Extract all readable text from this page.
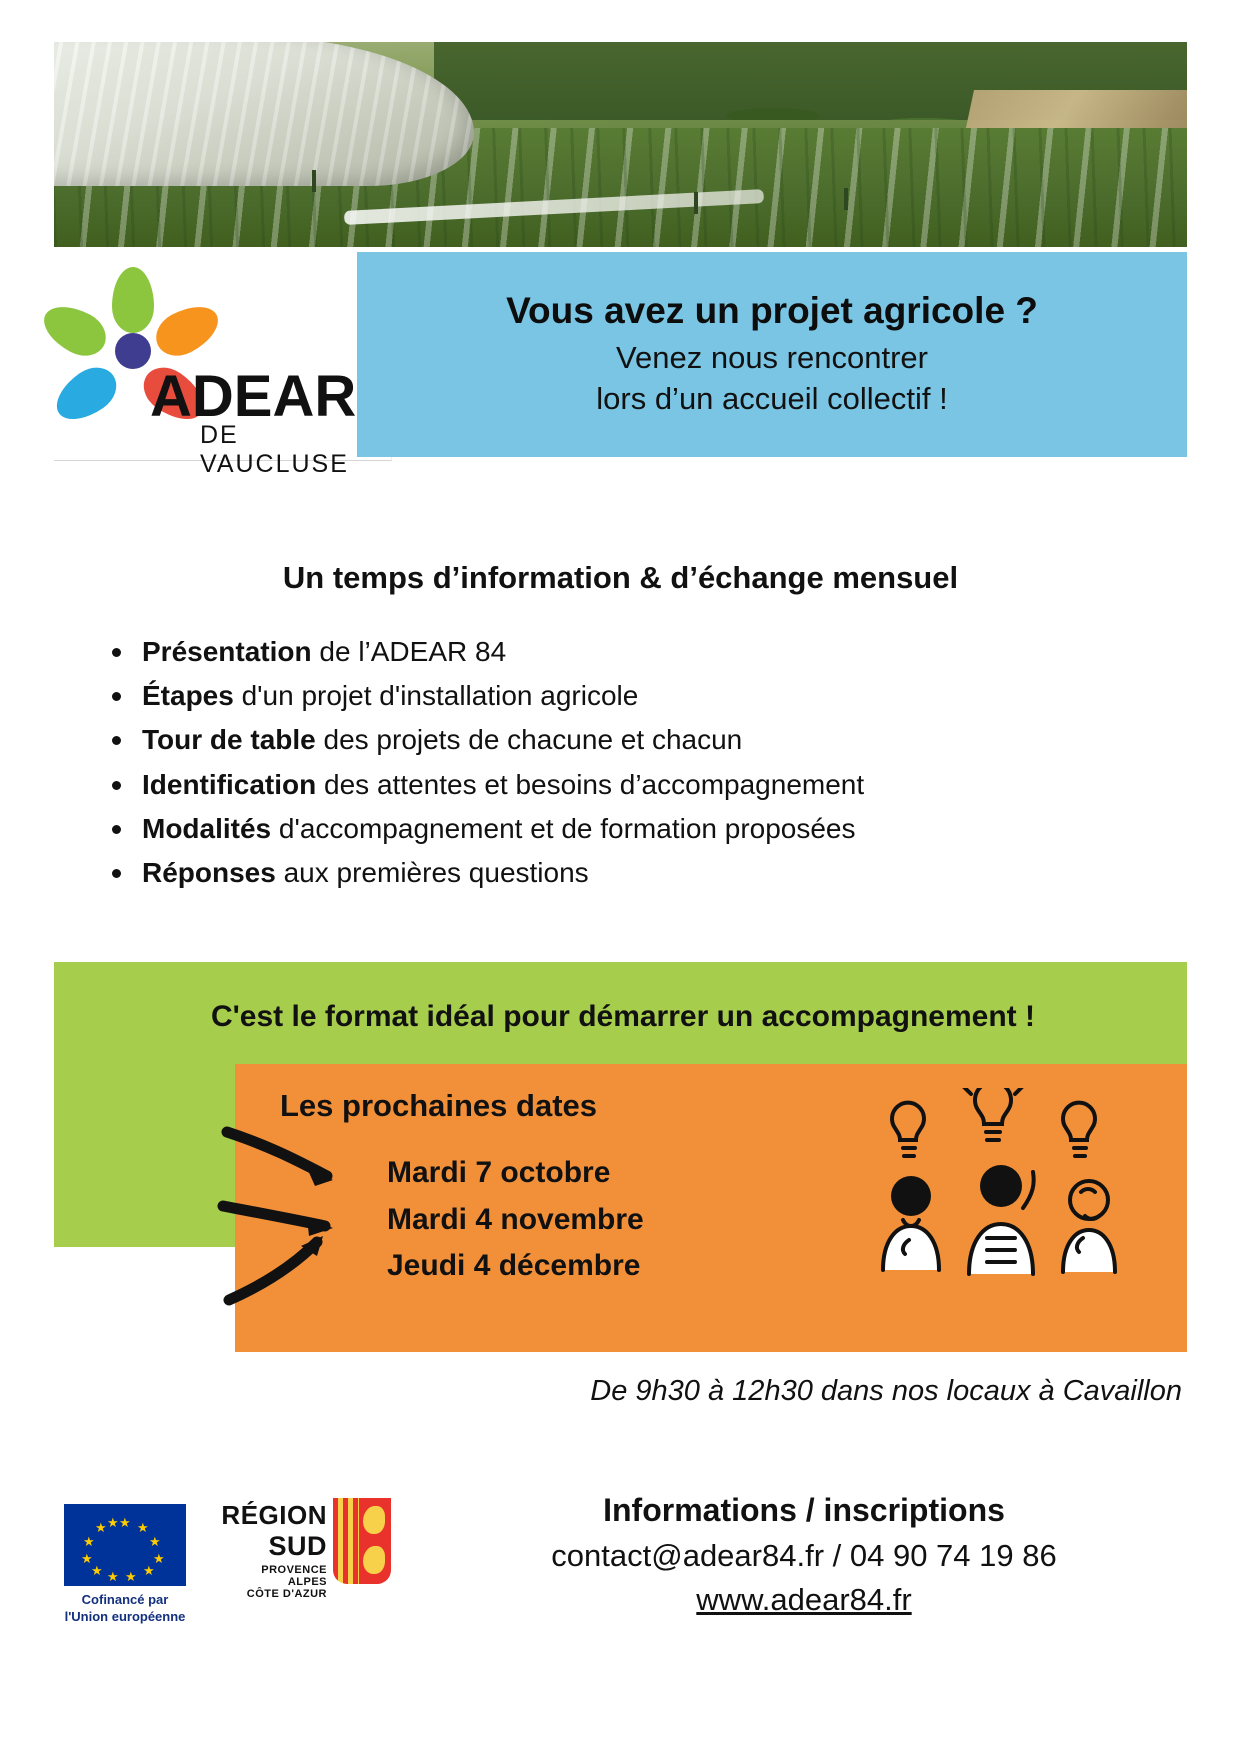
ADEAR
DE VAUCLUSE
Vous avez un projet agricole ?
Venez nous rencontrer
lors d’un accueil collectif !
Un temps d’information & d’échange mensuel
Présentation de l’ADEAR 84
Étapes d'un projet d'installation agricole
Tour de table des projets de chacune et chacun
Identification des attentes et besoins d’accompagnement
Modalités d'accompagnement et de formation proposées
Réponses aux premières questions
C'est le format idéal pour démarrer un accompagnement !
Les prochaines dates
Mardi 7 octobre
Mardi 4 novembre
Jeudi 4 décembre
De 9h30 à 12h30 dans nos locaux à Cavaillon
★ ★
★
★
★
★
★
★
★
★
★ ★
Cofinancé par
l'Union européenne
RÉGION
SUD
PROVENCE
ALPES
CÔTE D'AZUR
Informations / inscriptions
contact@adear84.fr / 04 90 74 19 86
www.adear84.fr
